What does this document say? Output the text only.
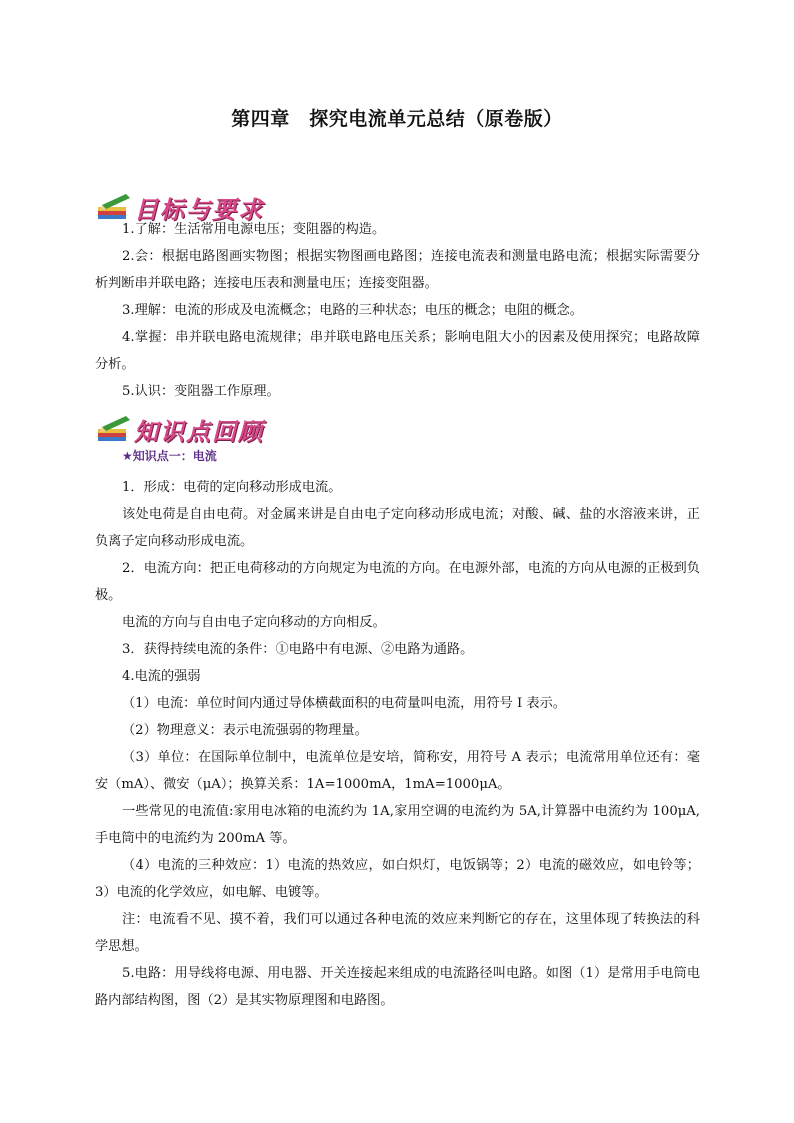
第四章　探究电流单元总结（原卷版）
目标与要求

1.了解：生活常用电源电压；变阻器的构造。

2.会：根据电路图画实物图；根据实物图画电路图；连接电流表和测量电路电流；根据实际需要分析判断串并联电路；连接电压表和测量电压；连接变阻器。

3.理解：电流的形成及电流概念；电路的三种状态；电压的概念；电阻的概念。

4.掌握：串并联电路电流规律；串并联电路电压关系；影响电阻大小的因素及使用探究；电路故障分析。

5.认识：变阻器工作原理。

知识点回顾
★知识点一：电流

1．形成：电荷的定向移动形成电流。

该处电荷是自由电荷。对金属来讲是自由电子定向移动形成电流；对酸、碱、盐的水溶液来讲，正负离子定向移动形成电流。

2．电流方向：把正电荷移动的方向规定为电流的方向。在电源外部，电流的方向从电源的正极到负极。

电流的方向与自由电子定向移动的方向相反。

3．获得持续电流的条件：①电路中有电源、②电路为通路。

4.电流的强弱

（1）电流：单位时间内通过导体横截面积的电荷量叫电流，用符号 I 表示。

（2）物理意义：表示电流强弱的物理量。

（3）单位：在国际单位制中，电流单位是安培，简称安，用符号 A 表示；电流常用单位还有：毫安（mA）、微安（μA）；换算关系：1A=1000mA，1mA=1000μA。

一些常见的电流值:家用电冰箱的电流约为 1A,家用空调的电流约为 5A,计算器中电流约为 100μA,手电筒中的电流约为 200mA 等。

（4）电流的三种效应：1）电流的热效应，如白炽灯，电饭锅等；2）电流的磁效应，如电铃等；3）电流的化学效应，如电解、电镀等。

注：电流看不见、摸不着，我们可以通过各种电流的效应来判断它的存在，这里体现了转换法的科学思想。

5.电路：用导线将电源、用电器、开关连接起来组成的电流路径叫电路。如图（1）是常用手电筒电路内部结构图，图（2）是其实物原理图和电路图。
